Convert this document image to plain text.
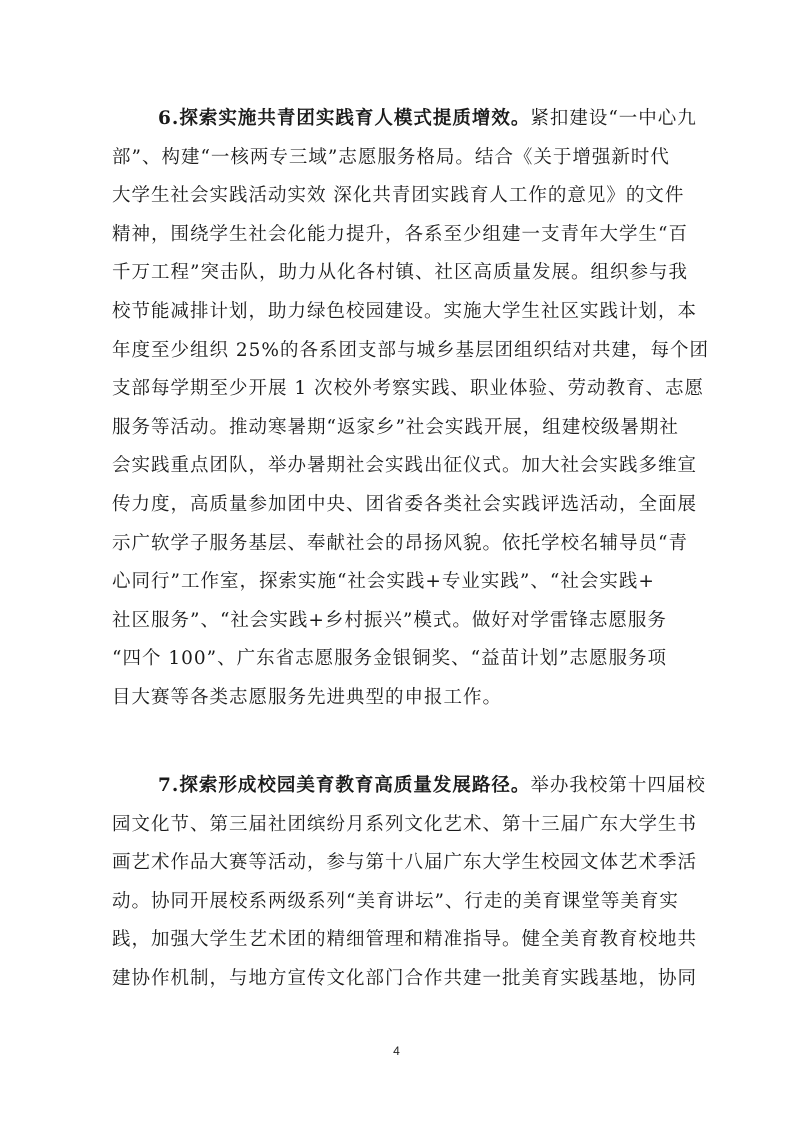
6.探索实施共青团实践育人模式提质增效。紧扣建设“一中心九
部”、构建“一核两专三域”志愿服务格局。结合《关于增强新时代
大学生社会实践活动实效 深化共青团实践育人工作的意见》的文件
精神，围绕学生社会化能力提升，各系至少组建一支青年大学生“百
千万工程”突击队，助力从化各村镇、社区高质量发展。组织参与我
校节能减排计划，助力绿色校园建设。实施大学生社区实践计划，本
年度至少组织 25%的各系团支部与城乡基层团组织结对共建，每个团
支部每学期至少开展 1 次校外考察实践、职业体验、劳动教育、志愿
服务等活动。推动寒暑期“返家乡”社会实践开展，组建校级暑期社
会实践重点团队，举办暑期社会实践出征仪式。加大社会实践多维宣
传力度，高质量参加团中央、团省委各类社会实践评选活动，全面展
示广软学子服务基层、奉献社会的昂扬风貌。依托学校名辅导员“青
心同行”工作室，探索实施“社会实践+专业实践”、“社会实践+
社区服务”、“社会实践+乡村振兴”模式。做好对学雷锋志愿服务
“四个 100”、广东省志愿服务金银铜奖、“益苗计划”志愿服务项
目大赛等各类志愿服务先进典型的申报工作。
7.探索形成校园美育教育高质量发展路径。举办我校第十四届校
园文化节、第三届社团缤纷月系列文化艺术、第十三届广东大学生书
画艺术作品大赛等活动，参与第十八届广东大学生校园文体艺术季活
动。协同开展校系两级系列“美育讲坛”、行走的美育课堂等美育实
践，加强大学生艺术团的精细管理和精准指导。健全美育教育校地共
建协作机制，与地方宣传文化部门合作共建一批美育实践基地，协同
4
